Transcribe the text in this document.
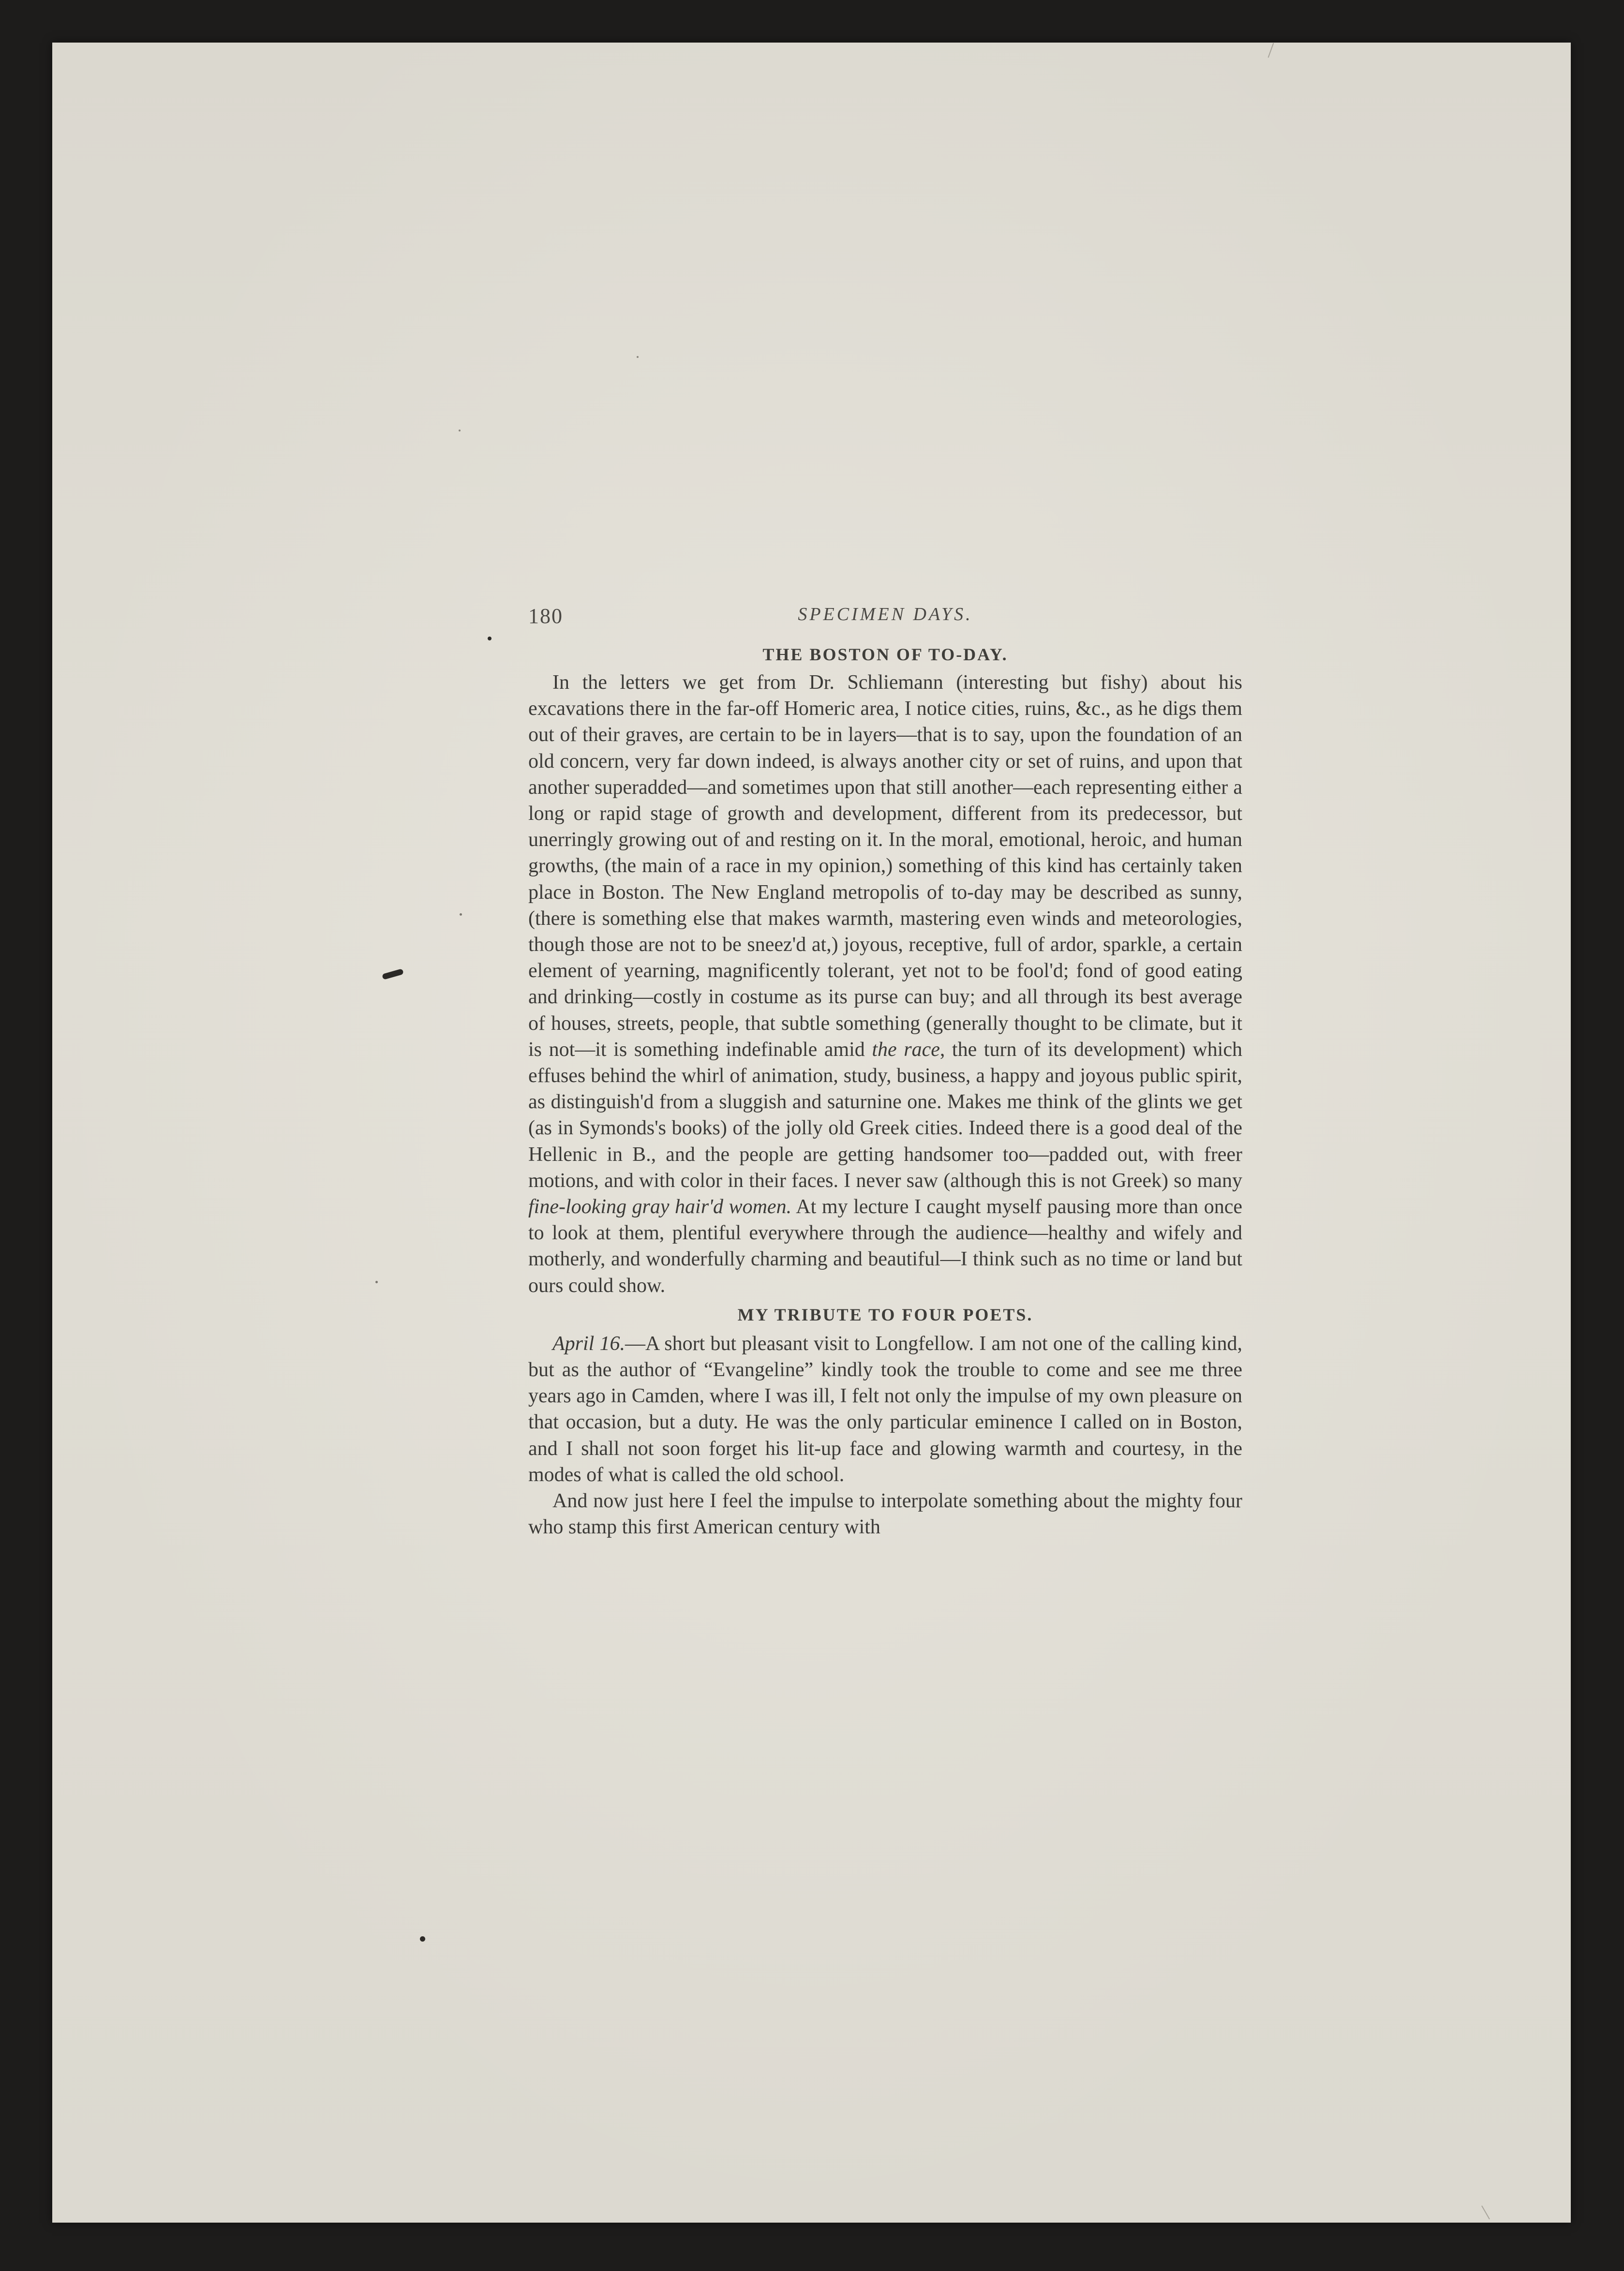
180	SPECIMEN DAYS.
THE BOSTON OF TO-DAY.

In the letters we get from Dr. Schliemann (interesting but fishy) about his excavations there in the far-off Homeric area, I notice cities, ruins, &c., as he digs them out of their graves, are certain to be in layers—that is to say, upon the foundation of an old concern, very far down indeed, is always another city or set of ruins, and upon that another superadded—and sometimes upon that still another—each representing either a long or rapid stage of growth and development, different from its predecessor, but unerringly growing out of and resting on it. In the moral, emotional, heroic, and human growths, (the main of a race in my opinion,) something of this kind has certainly taken place in Boston. The New England metropolis of to-day may be described as sunny, (there is something else that makes warmth, mastering even winds and meteorologies, though those are not to be sneez'd at,) joyous, receptive, full of ardor, sparkle, a certain element of yearning, magnificently tolerant, yet not to be fool'd; fond of good eating and drinking—costly in costume as its purse can buy; and all through its best average of houses, streets, people, that subtle something (generally thought to be climate, but it is not—it is something indefinable amid the race, the turn of its development) which effuses behind the whirl of animation, study, business, a happy and joyous public spirit, as distinguish'd from a sluggish and saturnine one. Makes me think of the glints we get (as in Symonds's books) of the jolly old Greek cities. Indeed there is a good deal of the Hellenic in B., and the people are getting handsomer too—padded out, with freer motions, and with color in their faces. I never saw (although this is not Greek) so many fine-looking gray hair'd women. At my lecture I caught myself pausing more than once to look at them, plentiful everywhere through the audience—healthy and wifely and motherly, and wonderfully charming and beautiful—I think such as no time or land but ours could show.

MY TRIBUTE TO FOUR POETS.

April 16.—A short but pleasant visit to Longfellow. I am not one of the calling kind, but as the author of “Evangeline” kindly took the trouble to come and see me three years ago in Camden, where I was ill, I felt not only the impulse of my own pleasure on that occasion, but a duty. He was the only particular eminence I called on in Boston, and I shall not soon forget his lit-up face and glowing warmth and courtesy, in the modes of what is called the old school.

And now just here I feel the impulse to interpolate something about the mighty four who stamp this first American century with
